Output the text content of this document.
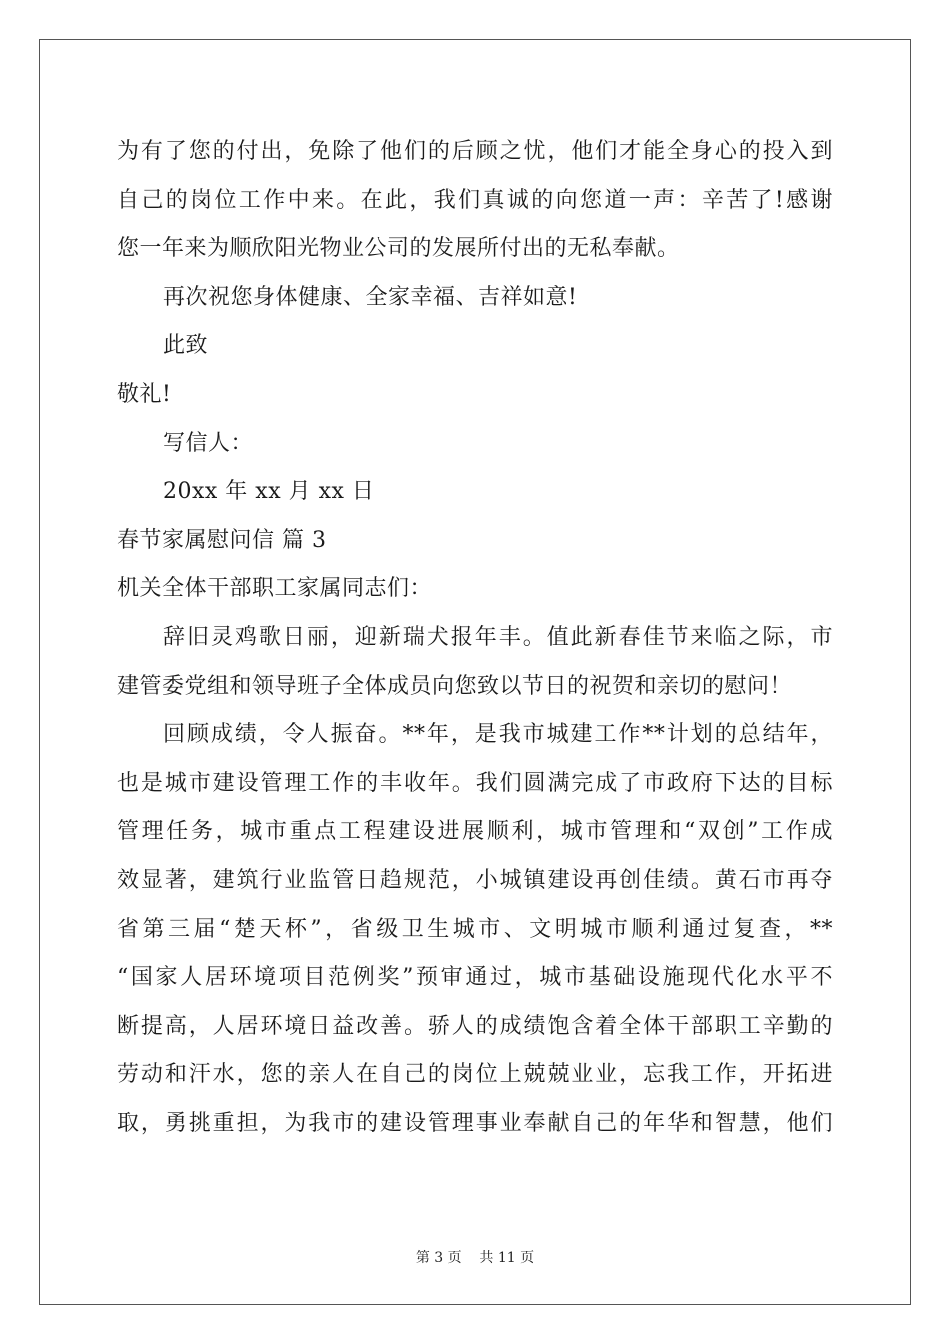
为有了您的付出，免除了他们的后顾之忧，他们才能全身心的投入到
自己的岗位工作中来。在此，我们真诚的向您道一声：辛苦了!感谢
您一年来为顺欣阳光物业公司的发展所付出的无私奉献。
再次祝您身体健康、全家幸福、吉祥如意!
此致
敬礼!
写信人：
20xx 年 xx 月 xx 日
春节家属慰问信 篇 3
机关全体干部职工家属同志们：
辞旧灵鸡歌日丽，迎新瑞犬报年丰。值此新春佳节来临之际，市
建管委党组和领导班子全体成员向您致以节日的祝贺和亲切的慰问！
回顾成绩，令人振奋。**年，是我市城建工作**计划的总结年，
也是城市建设管理工作的丰收年。我们圆满完成了市政府下达的目标
管理任务，城市重点工程建设进展顺利，城市管理和“双创”工作成
效显著，建筑行业监管日趋规范，小城镇建设再创佳绩。黄石市再夺
省第三届“楚天杯”，省级卫生城市、文明城市顺利通过复查，**
“国家人居环境项目范例奖”预审通过，城市基础设施现代化水平不
断提高，人居环境日益改善。骄人的成绩饱含着全体干部职工辛勤的
劳动和汗水，您的亲人在自己的岗位上兢兢业业，忘我工作，开拓进
取，勇挑重担，为我市的建设管理事业奉献自己的年华和智慧，他们
第 3 页    共 11 页
